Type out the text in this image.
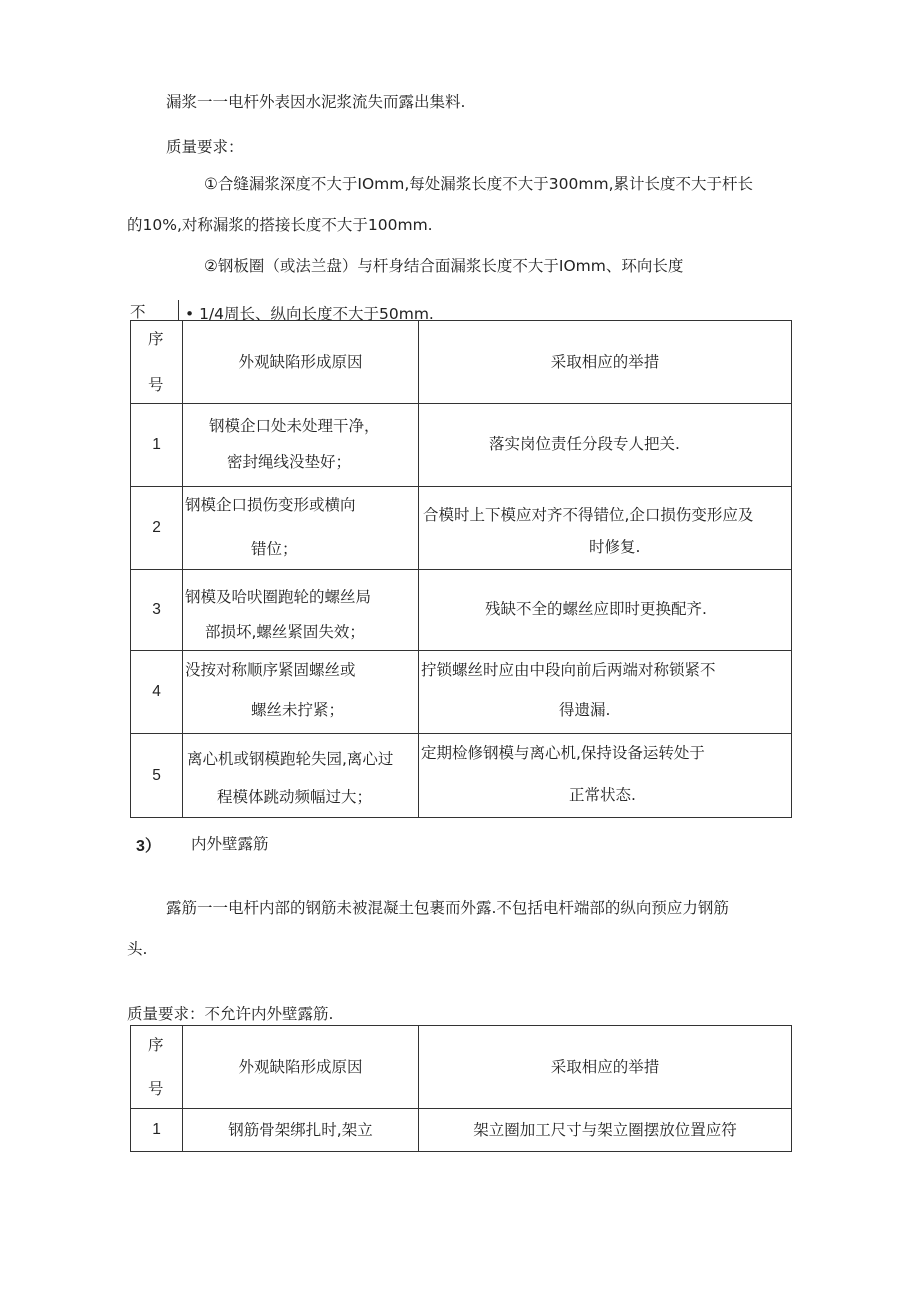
漏浆一一电杆外表因水泥浆流失而露出集料.
质量要求：
①合缝漏浆深度不大于IOmm,每处漏浆长度不大于300mm,累计长度不大于杆长
的10%,对称漏浆的搭接长度不大于100mm.
②钢板圈（或法兰盘）与杆身结合面漏浆长度不大于IOmm、环向长度
不	• 1/4周长、纵向长度不大于50mm.
序
号	外观缺陷形成原因	采取相应的举措
1	钢模企口处未处理干净，
密封绳线没垫好；	落实岗位责任分段专人把关.

2	钢模企口损伤变形或横向
错位；	合模时上下模应对齐不得错位,企口损伤变形应及
时修复.

3	钢模及哈吠圈跑轮的螺丝局
部损坏,螺丝紧固失效；	残缺不全的螺丝应即时更换配齐.

4	没按对称顺序紧固螺丝或
螺丝未拧紧；	拧锁螺丝时应由中段向前后两端对称锁紧不
得遗漏.

5	离心机或钢模跑轮失园,离心过
程模体跳动频幅过大；	定期检修钢模与离心机,保持设备运转处于
正常状态.
3） 内外壁露筋
露筋一一电杆内部的钢筋未被混凝土包裹而外露.不包括电杆端部的纵向预应力钢筋
头.
质量要求：不允许内外壁露筋.
序
号	外观缺陷形成原因	采取相应的举措
1	钢筋骨架绑扎时,架立	架立圈加工尺寸与架立圈摆放位置应符
